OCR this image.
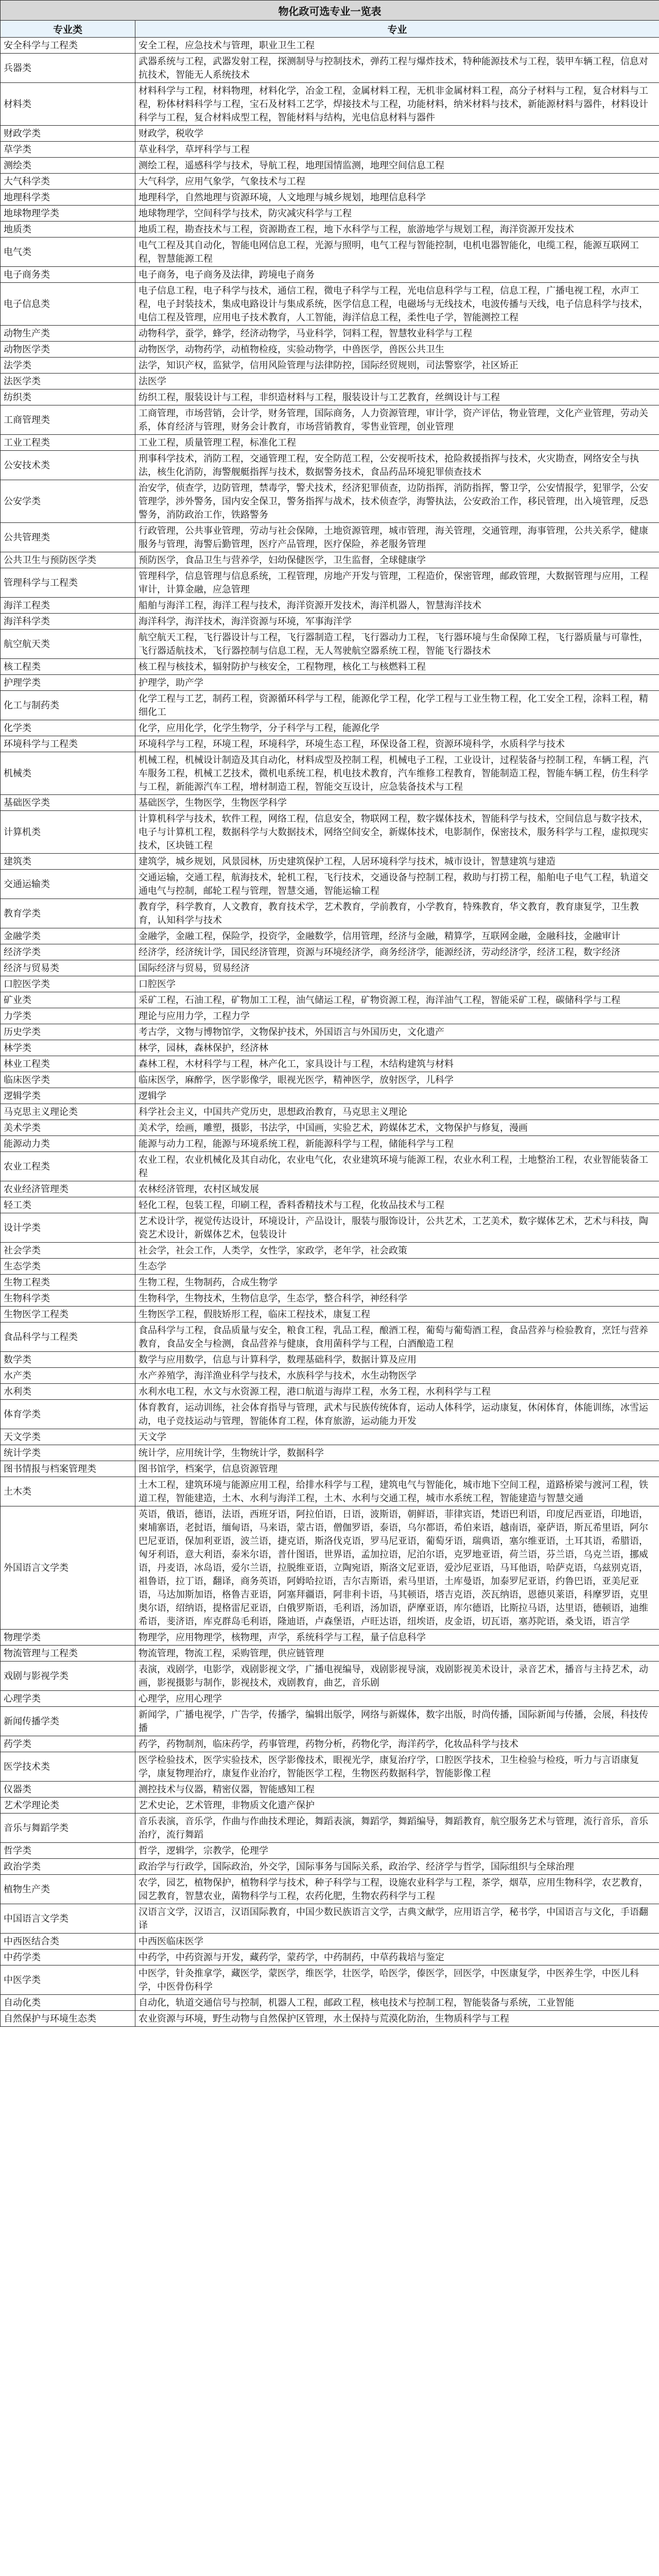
物化政可选专业一览表	
专业类	专业
安全科学与工程类	安全工程，应急技术与管理，职业卫生工程
兵器类	武器系统与工程，武器发射工程，探测制导与控制技术，弹药工程与爆炸技术，特种能源技术与工程，装甲车辆工程，信息对抗技术，智能无人系统技术
材料类	材料科学与工程，材料物理，材料化学，冶金工程，金属材料工程，无机非金属材料工程，高分子材料与工程，复合材料与工程，粉体材料科学与工程，宝石及材料工艺学，焊接技术与工程，功能材料，纳米材料与技术，新能源材料与器件，材料设计科学与工程，复合材料成型工程，智能材料与结构，光电信息材料与器件
财政学类	财政学，税收学
草学类	草业科学，草坪科学与工程
测绘类	测绘工程，遥感科学与技术，导航工程，地理国情监测，地理空间信息工程
大气科学类	大气科学，应用气象学，气象技术与工程
地理科学类	地理科学，自然地理与资源环境，人文地理与城乡规划，地理信息科学
地球物理学类	地球物理学，空间科学与技术，防灾减灾科学与工程
地质类	地质工程，勘查技术与工程，资源勘查工程，地下水科学与工程，旅游地学与规划工程，海洋资源开发技术
电气类	电气工程及其自动化，智能电网信息工程，光源与照明，电气工程与智能控制，电机电器智能化，电缆工程，能源互联网工程，智慧能源工程
电子商务类	电子商务，电子商务及法律，跨境电子商务
电子信息类	电子信息工程，电子科学与技术，通信工程，微电子科学与工程，光电信息科学与工程，信息工程，广播电视工程，水声工程，电子封装技术，集成电路设计与集成系统，医学信息工程，电磁场与无线技术，电波传播与天线，电子信息科学与技术，电信工程及管理，应用电子技术教育，人工智能，海洋信息工程，柔性电子学，智能测控工程
动物生产类	动物科学，蚕学，蜂学，经济动物学，马业科学，饲料工程，智慧牧业科学与工程
动物医学类	动物医学，动物药学，动植物检疫，实验动物学，中兽医学，兽医公共卫生
法学类	法学，知识产权，监狱学，信用风险管理与法律防控，国际经贸规则，司法警察学，社区矫正
法医学类	法医学
纺织类	纺织工程，服装设计与工程，非织造材料与工程，服装设计与工艺教育，丝绸设计与工程
工商管理类	工商管理，市场营销，会计学，财务管理，国际商务，人力资源管理，审计学，资产评估，物业管理，文化产业管理，劳动关系，体育经济与管理，财务会计教育，市场营销教育，零售业管理，创业管理
工业工程类	工业工程，质量管理工程，标准化工程
公安技术类	刑事科学技术，消防工程，交通管理工程，安全防范工程，公安视听技术，抢险救援指挥与技术，火灾勘查，网络安全与执法，核生化消防，海警舰艇指挥与技术，数据警务技术，食品药品环境犯罪侦查技术
公安学类	治安学，侦查学，边防管理，禁毒学，警犬技术，经济犯罪侦查，边防指挥，消防指挥，警卫学，公安情报学，犯罪学，公安管理学，涉外警务，国内安全保卫，警务指挥与战术，技术侦查学，海警执法，公安政治工作，移民管理，出入境管理，反恐警务，消防政治工作，铁路警务
公共管理类	行政管理，公共事业管理，劳动与社会保障，土地资源管理，城市管理，海关管理，交通管理，海事管理，公共关系学，健康服务与管理，海警后勤管理，医疗产品管理，医疗保险，养老服务管理
公共卫生与预防医学类	预防医学，食品卫生与营养学，妇幼保健医学，卫生监督，全球健康学
管理科学与工程类	管理科学，信息管理与信息系统，工程管理，房地产开发与管理，工程造价，保密管理，邮政管理，大数据管理与应用，工程审计，计算金融，应急管理
海洋工程类	船舶与海洋工程，海洋工程与技术，海洋资源开发技术，海洋机器人，智慧海洋技术
海洋科学类	海洋科学，海洋技术，海洋资源与环境，军事海洋学
航空航天类	航空航天工程，飞行器设计与工程，飞行器制造工程，飞行器动力工程，飞行器环境与生命保障工程，飞行器质量与可靠性，飞行器适航技术，飞行器控制与信息工程，无人驾驶航空器系统工程，智能飞行器技术
核工程类	核工程与核技术，辐射防护与核安全，工程物理，核化工与核燃料工程
护理学类	护理学，助产学
化工与制药类	化学工程与工艺，制药工程，资源循环科学与工程，能源化学工程，化学工程与工业生物工程，化工安全工程，涂料工程，精细化工
化学类	化学，应用化学，化学生物学，分子科学与工程，能源化学
环境科学与工程类	环境科学与工程，环境工程，环境科学，环境生态工程，环保设备工程，资源环境科学，水质科学与技术
机械类	机械工程，机械设计制造及其自动化，材料成型及控制工程，机械电子工程，工业设计，过程装备与控制工程，车辆工程，汽车服务工程，机械工艺技术，微机电系统工程，机电技术教育，汽车维修工程教育，智能制造工程，智能车辆工程，仿生科学与工程，新能源汽车工程，增材制造工程，智能交互设计，应急装备技术与工程
基础医学类	基础医学，生物医学，生物医学科学
计算机类	计算机科学与技术，软件工程，网络工程，信息安全，物联网工程，数字媒体技术，智能科学与技术，空间信息与数字技术，电子与计算机工程，数据科学与大数据技术，网络空间安全，新媒体技术，电影制作，保密技术，服务科学与工程，虚拟现实技术，区块链工程
建筑类	建筑学，城乡规划，风景园林，历史建筑保护工程，人居环境科学与技术，城市设计，智慧建筑与建造
交通运输类	交通运输，交通工程，航海技术，轮机工程，飞行技术，交通设备与控制工程，救助与打捞工程，船舶电子电气工程，轨道交通电气与控制，邮轮工程与管理，智慧交通，智能运输工程
教育学类	教育学，科学教育，人文教育，教育技术学，艺术教育，学前教育，小学教育，特殊教育，华文教育，教育康复学，卫生教育，认知科学与技术
金融学类	金融学，金融工程，保险学，投资学，金融数学，信用管理，经济与金融，精算学，互联网金融，金融科技，金融审计
经济学类	经济学，经济统计学，国民经济管理，资源与环境经济学，商务经济学，能源经济，劳动经济学，经济工程，数字经济
经济与贸易类	国际经济与贸易，贸易经济
口腔医学类	口腔医学
矿业类	采矿工程，石油工程，矿物加工工程，油气储运工程，矿物资源工程，海洋油气工程，智能采矿工程，碳储科学与工程
力学类	理论与应用力学，工程力学
历史学类	考古学，文物与博物馆学，文物保护技术，外国语言与外国历史，文化遗产
林学类	林学，园林，森林保护，经济林
林业工程类	森林工程，木材科学与工程，林产化工，家具设计与工程，木结构建筑与材料
临床医学类	临床医学，麻醉学，医学影像学，眼视光医学，精神医学，放射医学，儿科学
逻辑学类	逻辑学
马克思主义理论类	科学社会主义，中国共产党历史，思想政治教育，马克思主义理论
美术学类	美术学，绘画，雕塑，摄影，书法学，中国画，实验艺术，跨媒体艺术，文物保护与修复，漫画
能源动力类	能源与动力工程，能源与环境系统工程，新能源科学与工程，储能科学与工程
农业工程类	农业工程，农业机械化及其自动化，农业电气化，农业建筑环境与能源工程，农业水利工程，土地整治工程，农业智能装备工程
农业经济管理类	农林经济管理，农村区域发展
轻工类	轻化工程，包装工程，印刷工程，香料香精技术与工程，化妆品技术与工程
设计学类	艺术设计学，视觉传达设计，环境设计，产品设计，服装与服饰设计，公共艺术，工艺美术，数字媒体艺术，艺术与科技，陶瓷艺术设计，新媒体艺术，包装设计
社会学类	社会学，社会工作，人类学，女性学，家政学，老年学，社会政策
生态学类	生态学
生物工程类	生物工程，生物制药，合成生物学
生物科学类	生物科学，生物技术，生物信息学，生态学，整合科学，神经科学
生物医学工程类	生物医学工程，假肢矫形工程，临床工程技术，康复工程
食品科学与工程类	食品科学与工程，食品质量与安全，粮食工程，乳品工程，酿酒工程，葡萄与葡萄酒工程，食品营养与检验教育，烹饪与营养教育，食品安全与检测，食品营养与健康，食用菌科学与工程，白酒酿造工程
数学类	数学与应用数学，信息与计算科学，数理基础科学，数据计算及应用
水产类	水产养殖学，海洋渔业科学与技术，水族科学与技术，水生动物医学
水利类	水利水电工程，水文与水资源工程，港口航道与海岸工程，水务工程，水利科学与工程
体育学类	体育教育，运动训练，社会体育指导与管理，武术与民族传统体育，运动人体科学，运动康复，休闲体育，体能训练，冰雪运动，电子竞技运动与管理，智能体育工程，体育旅游，运动能力开发
天文学类	天文学
统计学类	统计学，应用统计学，生物统计学，数据科学
图书情报与档案管理类	图书馆学，档案学，信息资源管理
土木类	土木工程，建筑环境与能源应用工程，给排水科学与工程，建筑电气与智能化，城市地下空间工程，道路桥梁与渡河工程，铁道工程，智能建造，土木、水利与海洋工程，土木、水利与交通工程，城市水系统工程，智能建造与智慧交通
外国语言文学类	英语，俄语，德语，法语，西班牙语，阿拉伯语，日语，波斯语，朝鲜语，菲律宾语，梵语巴利语，印度尼西亚语，印地语，柬埔寨语，老挝语，缅甸语，马来语，蒙古语，僧伽罗语，泰语，乌尔都语，希伯来语，越南语，豪萨语，斯瓦希里语，阿尔巴尼亚语，保加利亚语，波兰语，捷克语，斯洛伐克语，罗马尼亚语，葡萄牙语，瑞典语，塞尔维亚语，土耳其语，希腊语，匈牙利语，意大利语，泰米尔语，普什图语，世界语，孟加拉语，尼泊尔语，克罗地亚语，荷兰语，芬兰语，乌克兰语，挪威语，丹麦语，冰岛语，爱尔兰语，拉脱维亚语，立陶宛语，斯洛文尼亚语，爱沙尼亚语，马耳他语，哈萨克语，乌兹别克语，祖鲁语，拉丁语，翻译，商务英语，阿姆哈拉语，吉尔吉斯语，索马里语，土库曼语，加泰罗尼亚语，约鲁巴语，亚美尼亚语，马达加斯加语，格鲁吉亚语，阿塞拜疆语，阿非利卡语，马其顿语，塔吉克语，茨瓦纳语，恩德贝莱语，科摩罗语，克里奥尔语，绍纳语，提格雷尼亚语，白俄罗斯语，毛利语，汤加语，萨摩亚语，库尔德语，比斯拉马语，达里语，德顿语，迪维希语，斐济语，库克群岛毛利语，隆迪语，卢森堡语，卢旺达语，纽埃语，皮金语，切瓦语，塞苏陀语，桑戈语，语言学
物理学类	物理学，应用物理学，核物理，声学，系统科学与工程，量子信息科学
物流管理与工程类	物流管理，物流工程，采购管理，供应链管理
戏剧与影视学类	表演，戏剧学，电影学，戏剧影视文学，广播电视编导，戏剧影视导演，戏剧影视美术设计，录音艺术，播音与主持艺术，动画，影视摄影与制作，影视技术，戏剧教育，曲艺，音乐剧
心理学类	心理学，应用心理学
新闻传播学类	新闻学，广播电视学，广告学，传播学，编辑出版学，网络与新媒体，数字出版，时尚传播，国际新闻与传播，会展，科技传播
药学类	药学，药物制剂，临床药学，药事管理，药物分析，药物化学，海洋药学，化妆品科学与技术
医学技术类	医学检验技术，医学实验技术，医学影像技术，眼视光学，康复治疗学，口腔医学技术，卫生检验与检疫，听力与言语康复学，康复物理治疗，康复作业治疗，智能医学工程，生物医药数据科学，智能影像工程
仪器类	测控技术与仪器，精密仪器，智能感知工程
艺术学理论类	艺术史论，艺术管理，非物质文化遗产保护
音乐与舞蹈学类	音乐表演，音乐学，作曲与作曲技术理论，舞蹈表演，舞蹈学，舞蹈编导，舞蹈教育，航空服务艺术与管理，流行音乐，音乐治疗，流行舞蹈
哲学类	哲学，逻辑学，宗教学，伦理学
政治学类	政治学与行政学，国际政治，外交学，国际事务与国际关系，政治学、经济学与哲学，国际组织与全球治理
植物生产类	农学，园艺，植物保护，植物科学与技术，种子科学与工程，设施农业科学与工程，茶学，烟草，应用生物科学，农艺教育，园艺教育，智慧农业，菌物科学与工程，农药化肥，生物农药科学与工程
中国语言文学类	汉语言文学，汉语言，汉语国际教育，中国少数民族语言文学，古典文献学，应用语言学，秘书学，中国语言与文化，手语翻译
中西医结合类	中西医临床医学
中药学类	中药学，中药资源与开发，藏药学，蒙药学，中药制药，中草药栽培与鉴定
中医学类	中医学，针灸推拿学，藏医学，蒙医学，维医学，壮医学，哈医学，傣医学，回医学，中医康复学，中医养生学，中医儿科学，中医骨伤科学
自动化类	自动化，轨道交通信号与控制，机器人工程，邮政工程，核电技术与控制工程，智能装备与系统，工业智能
自然保护与环境生态类	农业资源与环境，野生动物与自然保护区管理，水土保持与荒漠化防治，生物质科学与工程
